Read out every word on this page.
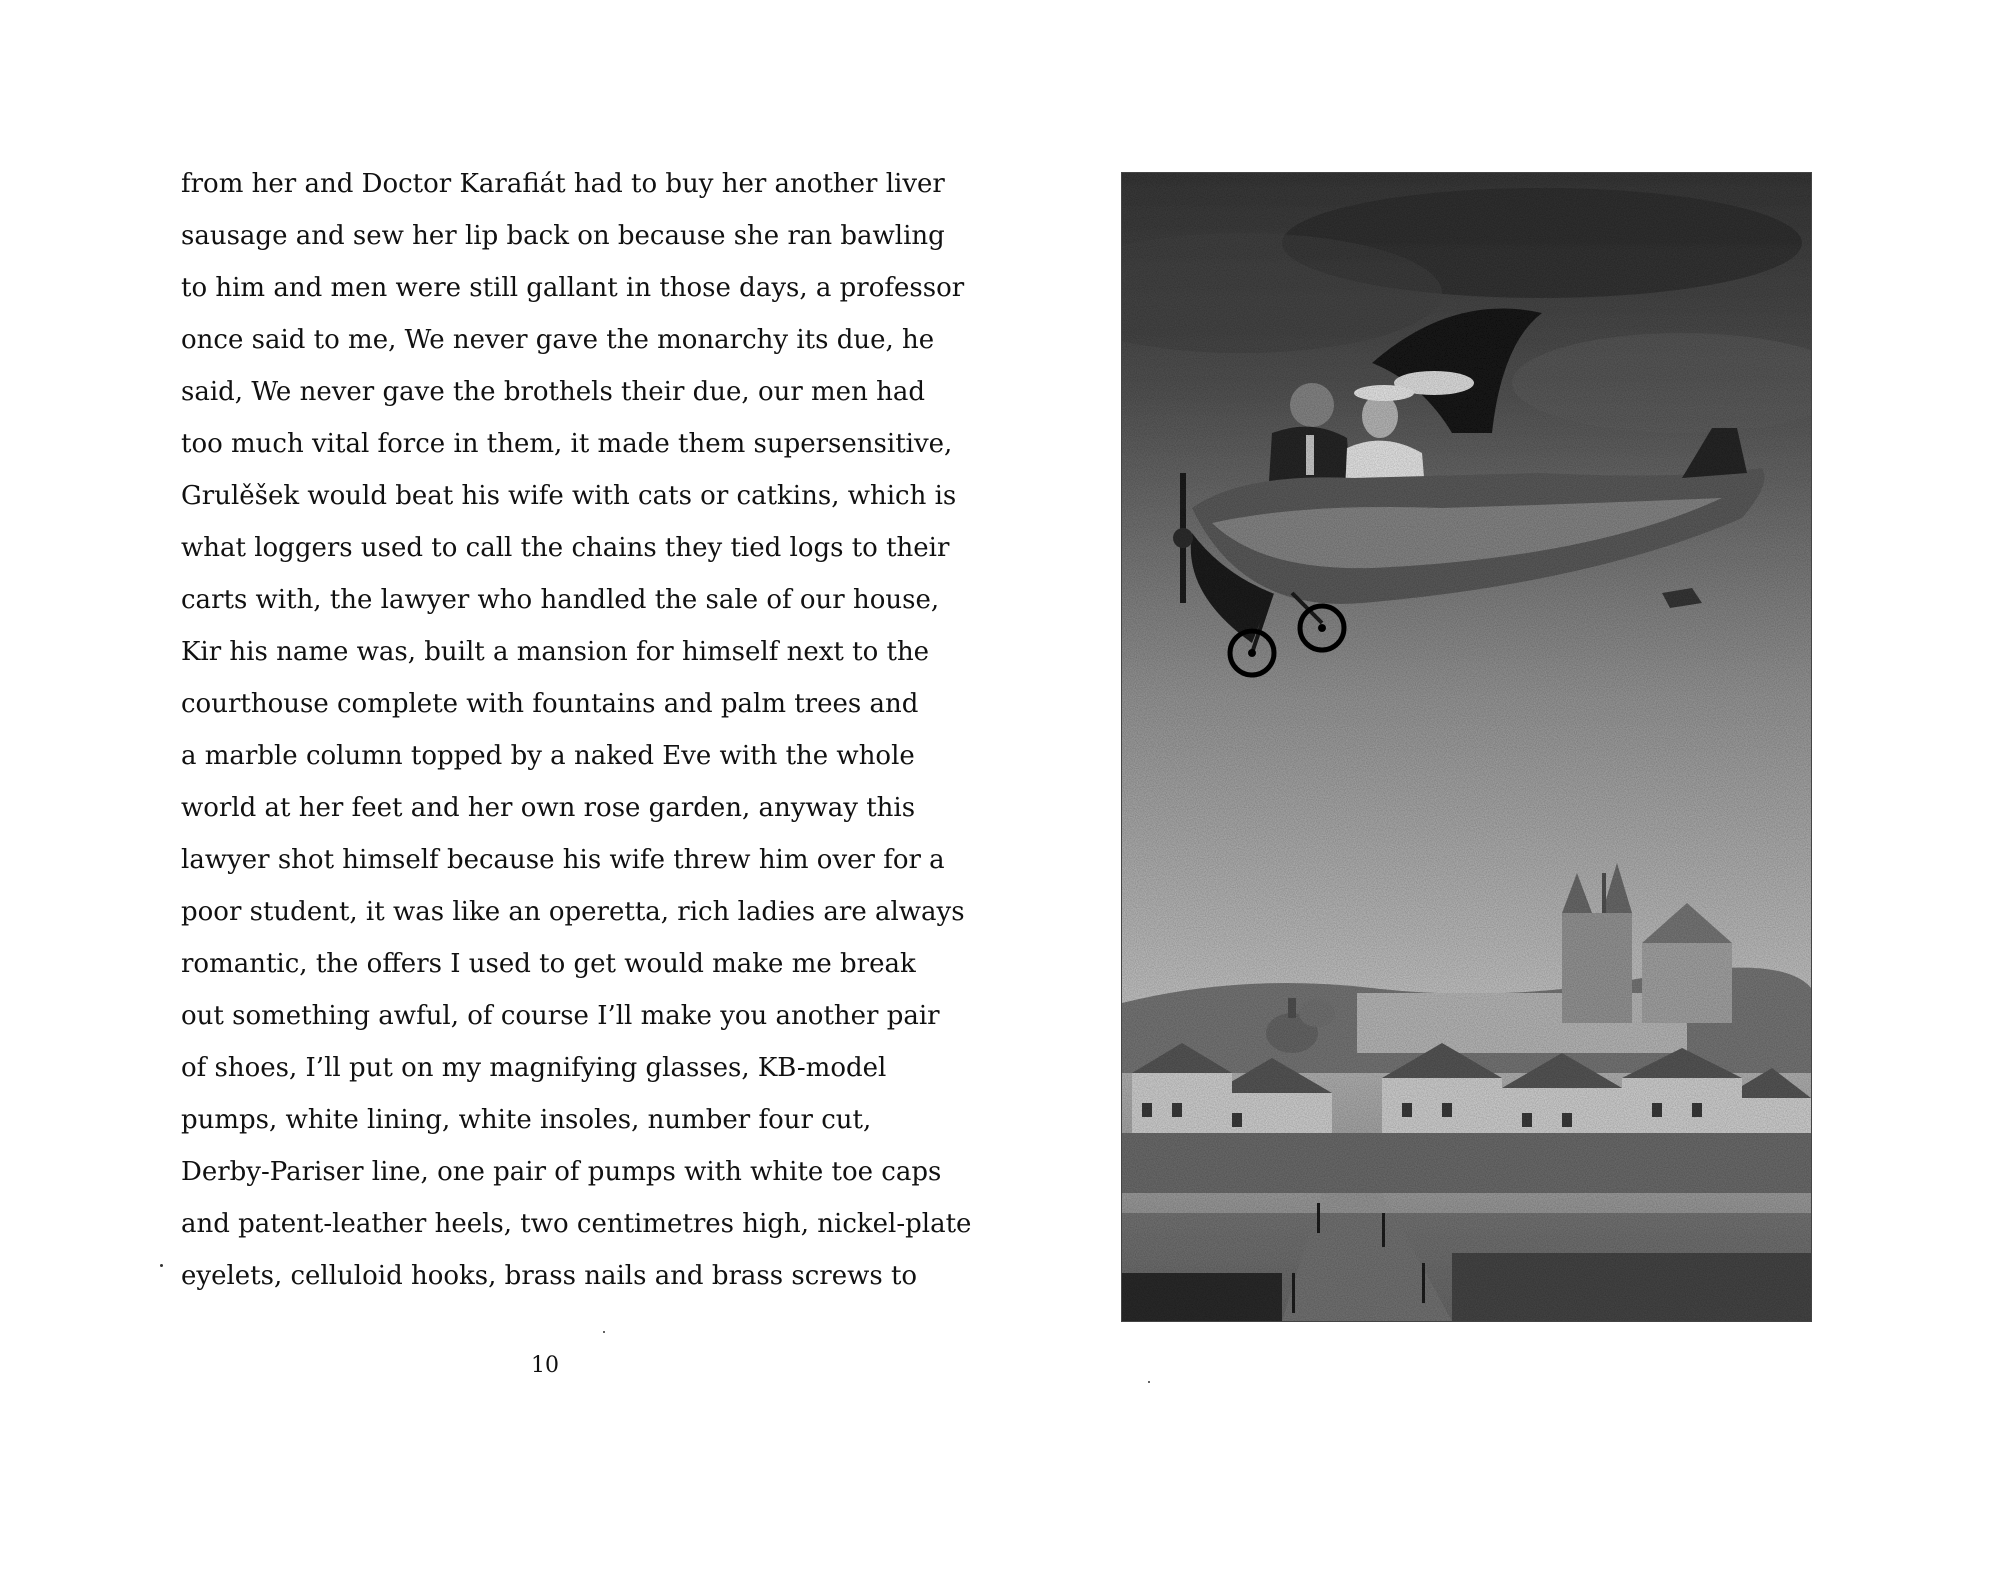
from her and Doctor Karafiát had to buy her another liver
sausage and sew her lip back on because she ran bawling
to him and men were still gallant in those days, a professor
once said to me, We never gave the monarchy its due, he
said, We never gave the brothels their due, our men had
too much vital force in them, it made them supersensitive,
Grulěšek would beat his wife with cats or catkins, which is
what loggers used to call the chains they tied logs to their
carts with, the lawyer who handled the sale of our house,
Kir his name was, built a mansion for himself next to the
courthouse complete with fountains and palm trees and
a marble column topped by a naked Eve with the whole
world at her feet and her own rose garden, anyway this
lawyer shot himself because his wife threw him over for a
poor student, it was like an operetta, rich ladies are always
romantic, the offers I used to get would make me break
out something awful, of course I’ll make you another pair
of shoes, I’ll put on my magnifying glasses, KB-model
pumps, white lining, white insoles, number four cut,
Derby-Pariser line, one pair of pumps with white toe caps
and patent-leather heels, two centimetres high, nickel-plate
eyelets, celluloid hooks, brass nails and brass screws to
10
